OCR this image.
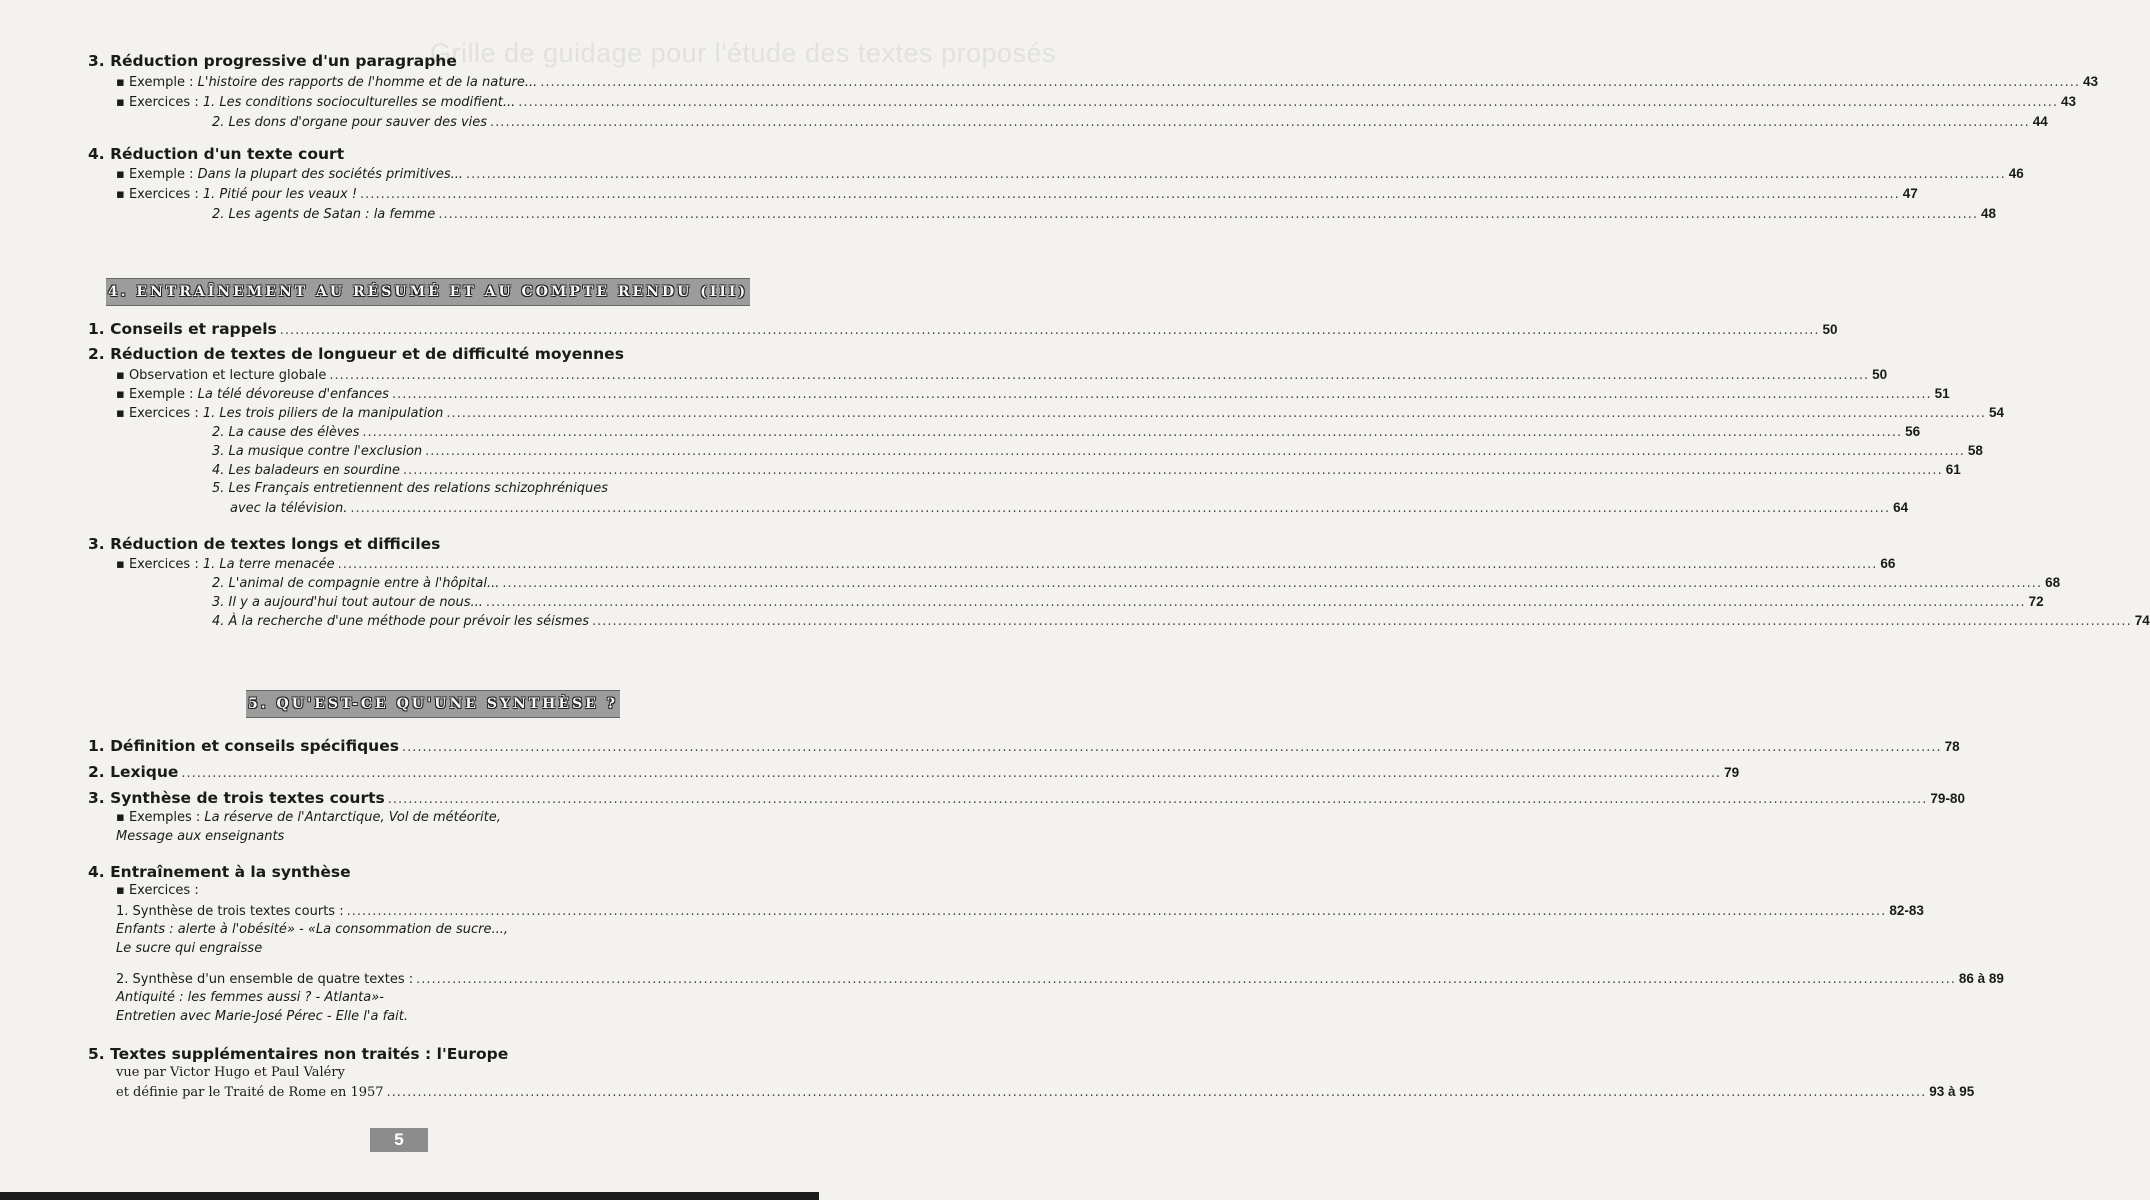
Grille de guidage pour l'étude des textes proposés
3. Réduction progressive d'un paragraphe
▪ Exemple : L'histoire des rapports de l'homme et de la nature... .....	43
▪ Exercices : 1. Les conditions socioculturelles se modifient... .....	43
2. Les dons d'organe pour sauver des vies .....	44
4. Réduction d'un texte court
▪ Exemple : Dans la plupart des sociétés primitives... .....	46
▪ Exercices : 1. Pitié pour les veaux ! .....	47
2. Les agents de Satan : la femme .....	48
4. ENTRAÎNEMENT AU RÉSUMÉ ET AU COMPTE RENDU (III)
1. Conseils et rappels .....	50
2. Réduction de textes de longueur et de difficulté moyennes
▪ Observation et lecture globale .....	50
▪ Exemple : La télé dévoreuse d'enfances .....	51
▪ Exercices : 1. Les trois piliers de la manipulation .....	54
2. La cause des élèves .....	56
3. La musique contre l'exclusion .....	58
4. Les baladeurs en sourdine .....	61
5. Les Français entretiennent des relations schizophréniques
avec la télévision. .....	64
3. Réduction de textes longs et difficiles
▪ Exercices : 1. La terre menacée .....	66
2. L'animal de compagnie entre à l'hôpital... .....	68
3. Il y a aujourd'hui tout autour de nous... .....	72
4. À la recherche d'une méthode pour prévoir les séismes .....	74
5. QU'EST-CE QU'UNE SYNTHÈSE ?
1. Définition et conseils spécifiques .....	78
2. Lexique .....	79
3. Synthèse de trois textes courts .....	79-80
▪ Exemples : La réserve de l'Antarctique, Vol de météorite,
Message aux enseignants
4. Entraînement à la synthèse
▪ Exercices :
1. Synthèse de trois textes courts : .....	82-83
Enfants : alerte à l'obésité» - «La consommation de sucre...,
Le sucre qui engraisse
2. Synthèse d'un ensemble de quatre textes : .....	86 à 89
Antiquité : les femmes aussi ? - Atlanta»-
Entretien avec Marie-José Pérec - Elle l'a fait.
5. Textes supplémentaires non traités : l'Europe
vue par Victor Hugo et Paul Valéry
et définie par le Traité de Rome en 1957 .....	93 à 95
5
